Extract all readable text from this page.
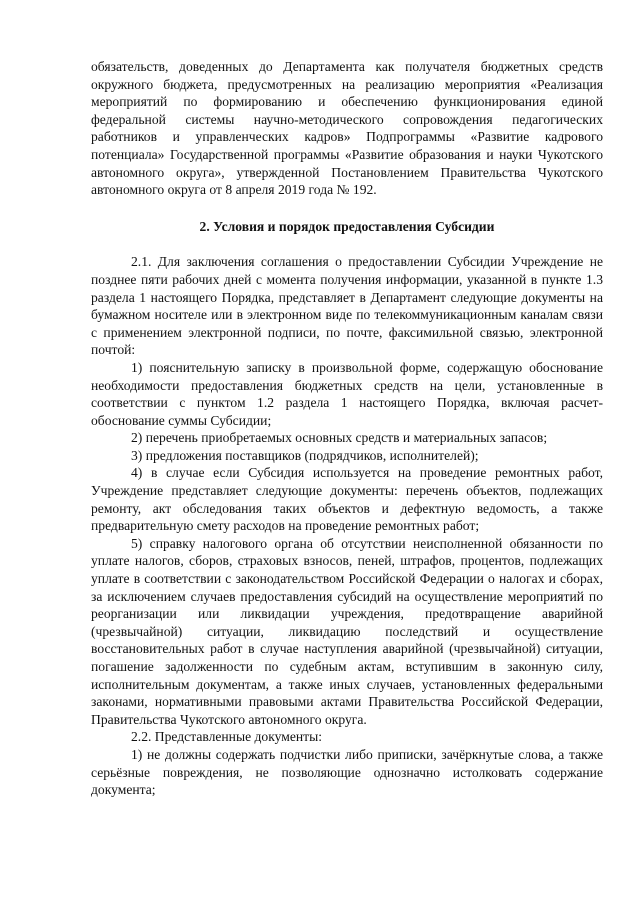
обязательств, доведенных до Департамента как получателя бюджетных средств окружного бюджета, предусмотренных на реализацию мероприятия «Реализация мероприятий по формированию и обеспечению функционирования единой федеральной системы научно-методического сопровождения педагогических работников и управленческих кадров» Подпрограммы «Развитие кадрового потенциала» Государственной программы «Развитие образования и науки Чукотского автономного округа», утвержденной Постановлением Правительства Чукотского автономного округа от 8 апреля 2019 года № 192.

2. Условия и порядок предоставления Субсидии

2.1. Для заключения соглашения о предоставлении Субсидии Учреждение не позднее пяти рабочих дней с момента получения информации, указанной в пункте 1.3 раздела 1 настоящего Порядка, представляет в Департамент следующие документы на бумажном носителе или в электронном виде по телекоммуникационным каналам связи с применением электронной подписи, по почте, факсимильной связью, электронной почтой:

1) пояснительную записку в произвольной форме, содержащую обоснование необходимости предоставления бюджетных средств на цели, установленные в соответствии с пунктом 1.2 раздела 1 настоящего Порядка, включая расчет-обоснование суммы Субсидии;

2) перечень приобретаемых основных средств и материальных запасов;

3) предложения поставщиков (подрядчиков, исполнителей);

4) в случае если Субсидия используется на проведение ремонтных работ, Учреждение представляет следующие документы: перечень объектов, подлежащих ремонту, акт обследования таких объектов и дефектную ведомость, а также предварительную смету расходов на проведение ремонтных работ;

5) справку налогового органа об отсутствии неисполненной обязанности по уплате налогов, сборов, страховых взносов, пеней, штрафов, процентов, подлежащих уплате в соответствии с законодательством Российской Федерации о налогах и сборах, за исключением случаев предоставления субсидий на осуществление мероприятий по реорганизации или ликвидации учреждения, предотвращение аварийной (чрезвычайной) ситуации, ликвидацию последствий и осуществление восстановительных работ в случае наступления аварийной (чрезвычайной) ситуации, погашение задолженности по судебным актам, вступившим в законную силу, исполнительным документам, а также иных случаев, установленных федеральными законами, нормативными правовыми актами Правительства Российской Федерации, Правительства Чукотского автономного округа.

2.2. Представленные документы:

1) не должны содержать подчистки либо приписки, зачёркнутые слова, а также серьёзные повреждения, не позволяющие однозначно истолковать содержание документа;
